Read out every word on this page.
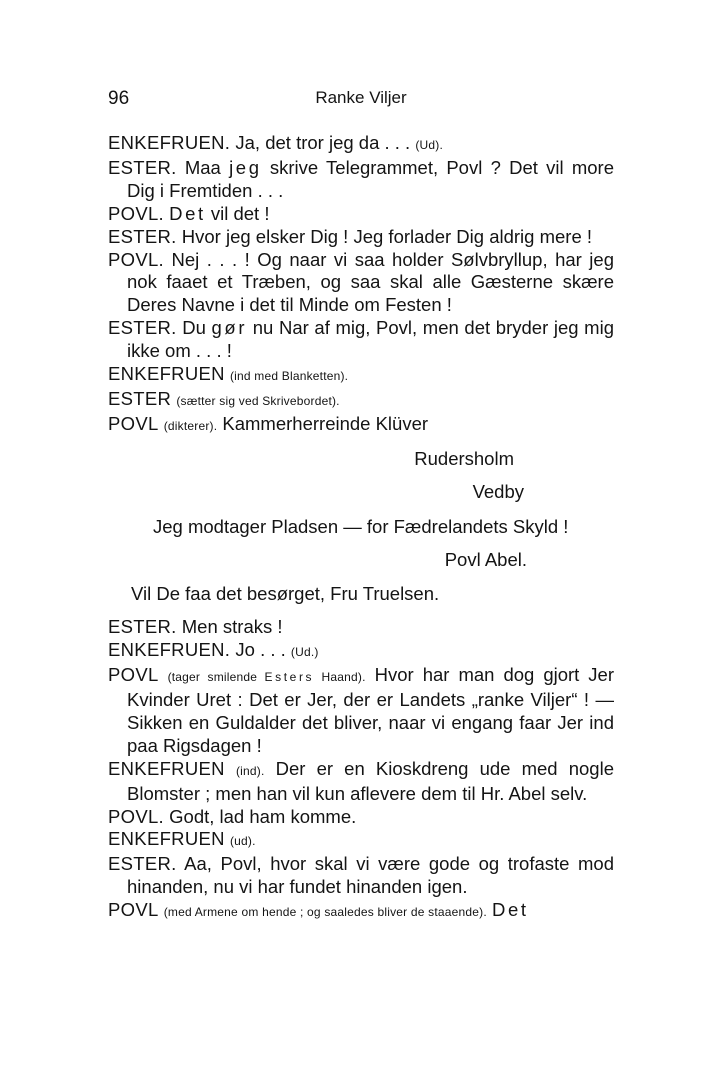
96	Ranke Viljer

ENKEFRUEN. Ja, det tror jeg da . . . (Ud).

ESTER. Maa jeg skrive Telegrammet, Povl ? Det vil more Dig i Fremtiden . . .

POVL. Det vil det !

ESTER. Hvor jeg elsker Dig ! Jeg forlader Dig aldrig mere !

POVL. Nej . . . ! Og naar vi saa holder Sølvbryllup, har jeg nok faaet et Træben, og saa skal alle Gæsterne skære Deres Navne i det til Minde om Festen !

ESTER. Du gør nu Nar af mig, Povl, men det bryder jeg mig ikke om . . . !

ENKEFRUEN (ind med Blanketten).

ESTER (sætter sig ved Skrivebordet).

POVL (dikterer). Kammerherreinde Klüver

Rudersholm

Vedby

Jeg modtager Pladsen — for Fædrelandets Skyld !

Povl Abel.

Vil De faa det besørget, Fru Truelsen.

ESTER. Men straks !

ENKEFRUEN. Jo . . . (Ud.)

POVL (tager smilende Esters Haand). Hvor har man dog gjort Jer Kvinder Uret : Det er Jer, der er Landets „ranke Viljer“ ! — Sikken en Guldalder det bliver, naar vi engang faar Jer ind paa Rigsdagen !

ENKEFRUEN (ind). Der er en Kioskdreng ude med nogle Blomster ; men han vil kun aflevere dem til Hr. Abel selv.

POVL. Godt, lad ham komme.

ENKEFRUEN (ud).

ESTER. Aa, Povl, hvor skal vi være gode og trofaste mod hinanden, nu vi har fundet hinanden igen.

POVL (med Armene om hende ; og saaledes bliver de staaende). Det
